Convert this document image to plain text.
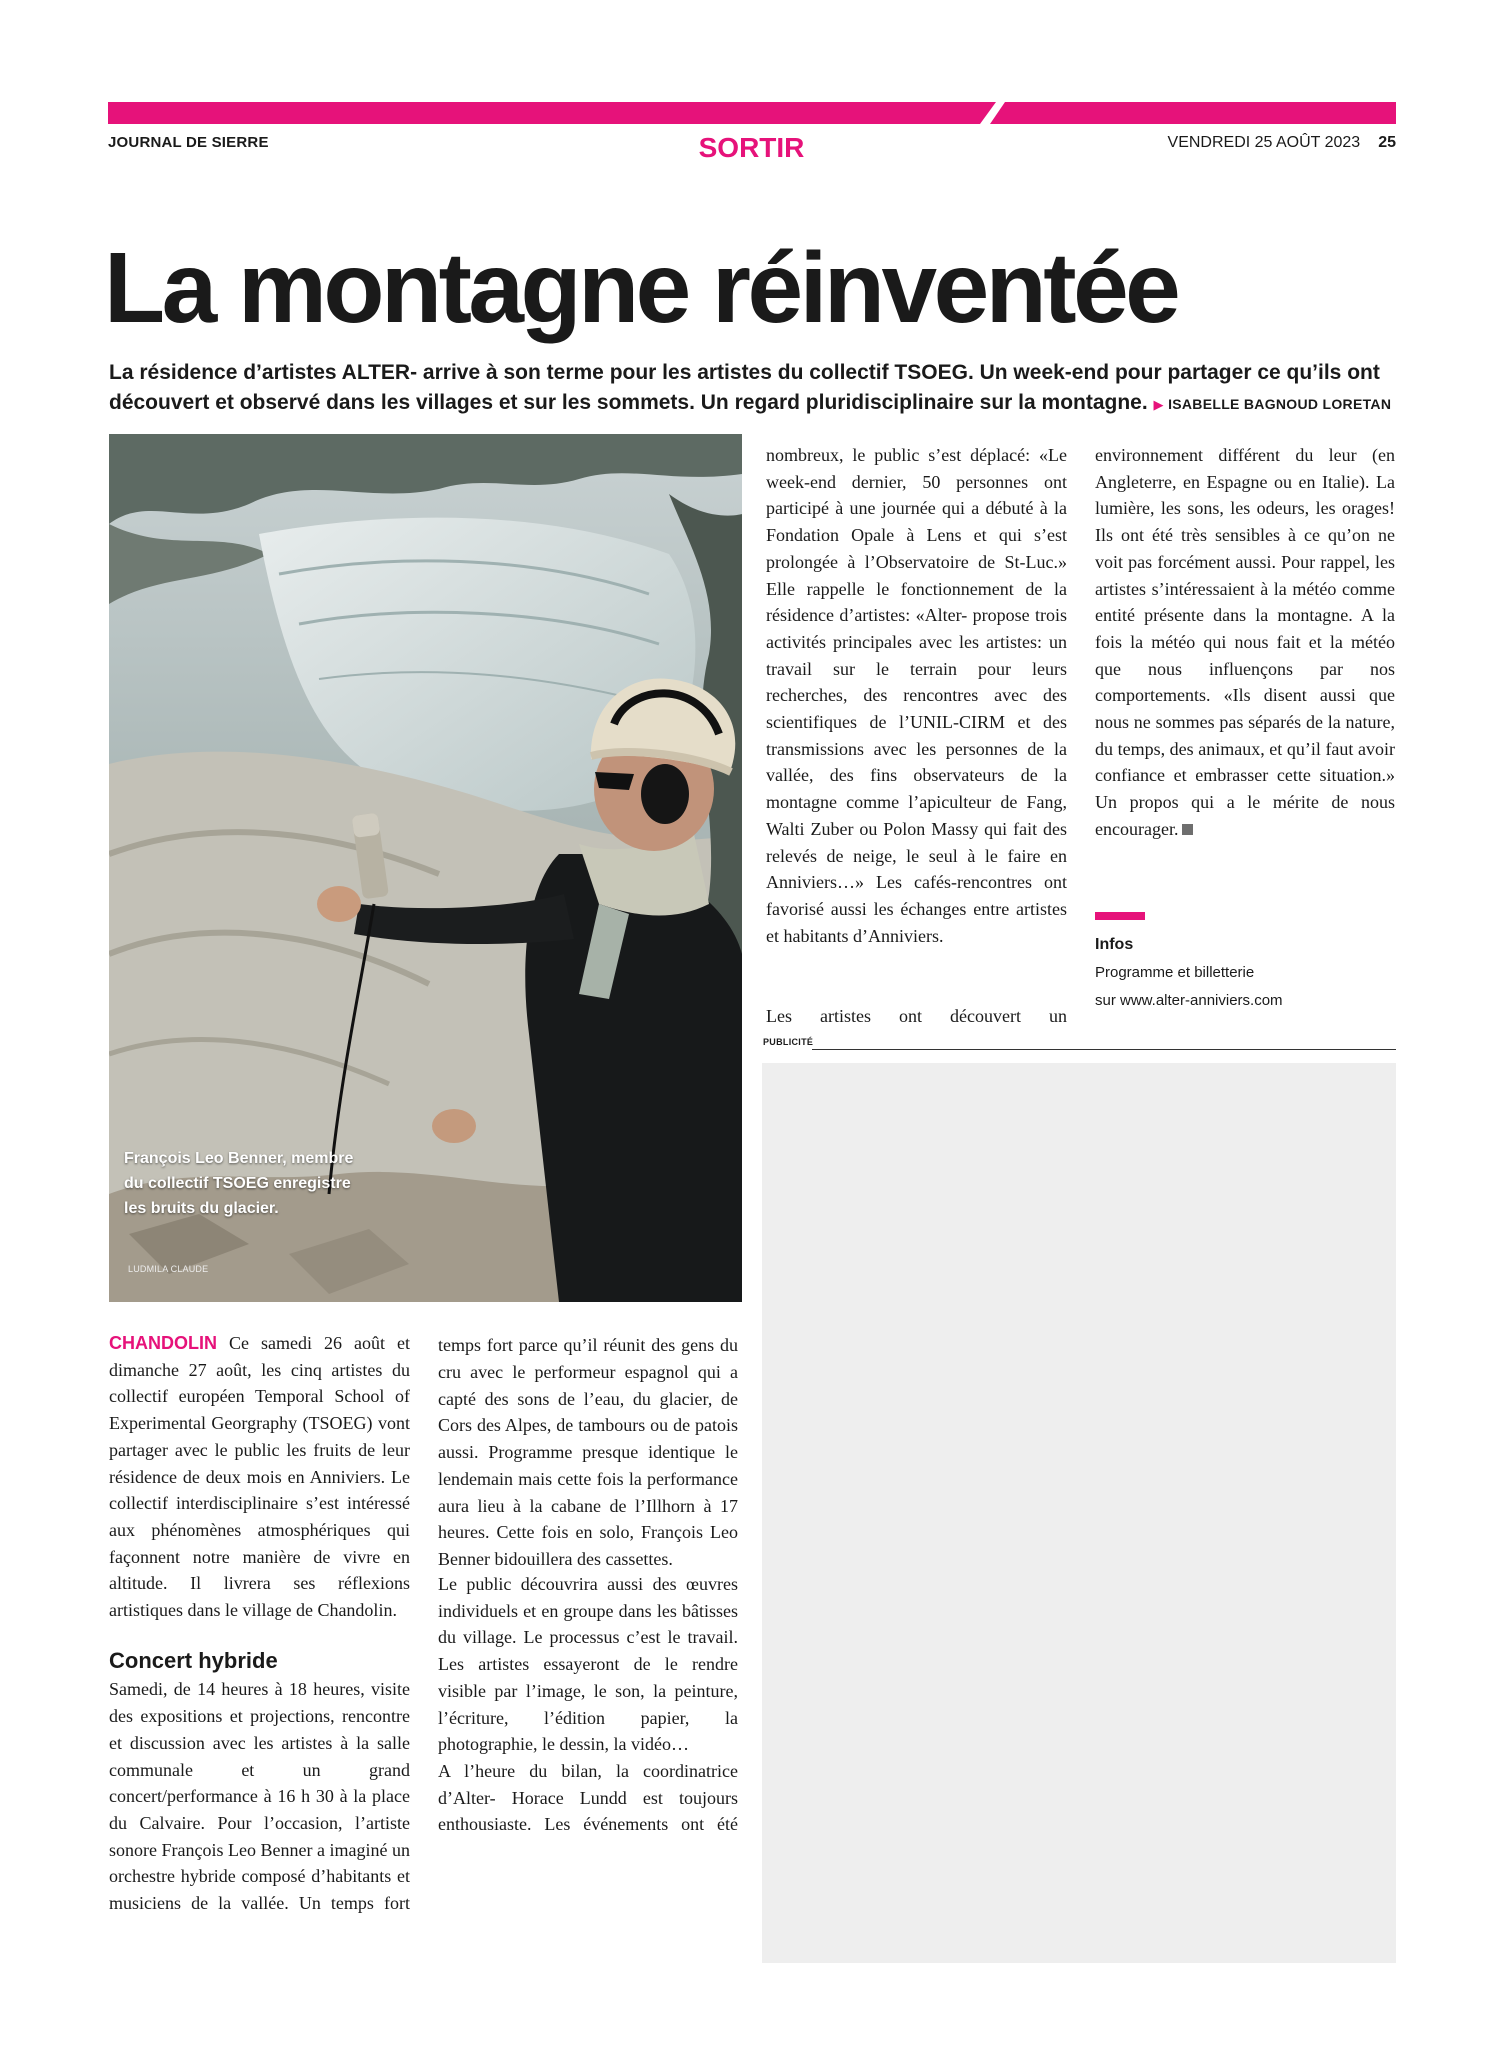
JOURNAL DE SIERRE	SORTIR	VENDREDI 25 AOÛT 2023 25
La montagne réinventée
La résidence d’artistes ALTER- arrive à son terme pour les artistes du collectif TSOEG. Un week-end pour partager ce qu’ils ont découvert et observé dans les villages et sur les sommets. Un regard pluridisciplinaire sur la montagne. ▶ ISABELLE BAGNOUD LORETAN
François Leo Benner, membre du collectif TSOEG enregistre les bruits du glacier.
LUDMILA CLAUDE

CHANDOLIN Ce samedi 26 août et dimanche 27 août, les cinq artistes du collectif européen Temporal School of Experimental Georgraphy (TSOEG) vont partager avec le public les fruits de leur résidence de deux mois en Anniviers. Le collectif interdisciplinaire s’est intéressé aux phénomènes atmosphériques qui façonnent notre manière de vivre en altitude. Il livrera ses réflexions artistiques dans le village de Chandolin.

Concert hybride

Samedi, de 14 heures à 18 heures, visite des expositions et projections, rencontre et discussion avec les artistes à la salle communale et un grand concert/performance à 16 h 30 à la place du Calvaire. Pour l’occasion, l’artiste sonore François Leo Benner a imaginé un orchestre hybride composé d’habitants et musiciens de la vallée. Un temps fort

temps fort parce qu’il réunit des gens du cru avec le performeur espagnol qui a capté des sons de l’eau, du glacier, de Cors des Alpes, de tambours ou de patois aussi. Programme presque identique le lendemain mais cette fois la performance aura lieu à la cabane de l’Illhorn à 17 heures. Cette fois en solo, François Leo Benner bidouillera des cassettes.

Le public découvrira aussi des œuvres individuels et en groupe dans les bâtisses du village. Le processus c’est le travail. Les artistes essayeront de le rendre visible par l’image, le son, la peinture, l’écriture, l’édition papier, la photographie, le dessin, la vidéo…

A l’heure du bilan, la coordinatrice d’Alter- Horace Lundd est toujours enthousiaste. Les événements ont été

nombreux, le public s’est déplacé: «Le week-end dernier, 50 personnes ont participé à une journée qui a débuté à la Fondation Opale à Lens et qui s’est prolongée à l’Observatoire de St-Luc.» Elle rappelle le fonctionnement de la résidence d’artistes: «Alter- propose trois activités principales avec les artistes: un travail sur le terrain pour leurs recherches, des rencontres avec des scientifiques de l’UNIL-CIRM et des transmissions avec les personnes de la vallée, des fins observateurs de la montagne comme l’apiculteur de Fang, Walti Zuber ou Polon Massy qui fait des relevés de neige, le seul à le faire en Anniviers…» Les cafés-rencontres ont favorisé aussi les échanges entre artistes et habitants d’Anniviers.

Les artistes ont découvert un

environnement différent du leur (en Angleterre, en Espagne ou en Italie). La lumière, les sons, les odeurs, les orages! Ils ont été très sensibles à ce qu’on ne voit pas forcément aussi. Pour rappel, les artistes s’intéressaient à la météo comme entité présente dans la montagne. A la fois la météo qui nous fait et la météo que nous influençons par nos comportements. «Ils disent aussi que nous ne sommes pas séparés de la nature, du temps, des animaux, et qu’il faut avoir confiance et embrasser cette situation.» Un propos qui a le mérite de nous encourager.

Infos
Programme et billetterie
sur www.alter-anniviers.com
PUBLICITÉ
